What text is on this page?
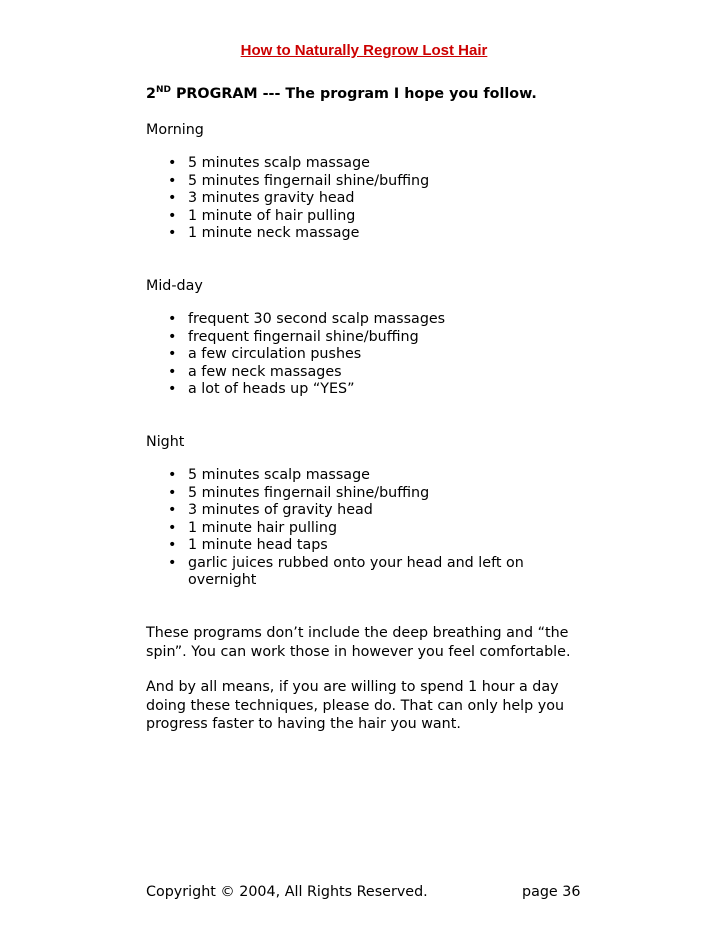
How to Naturally Regrow Lost Hair
2ND PROGRAM --- The program I hope you follow.
Morning
• 5 minutes scalp massage
• 5 minutes fingernail shine/buffing
• 3 minutes gravity head
• 1 minute of hair pulling
• 1 minute neck massage
Mid-day
• frequent 30 second scalp massages
• frequent fingernail shine/buffing
• a few circulation pushes
• a few neck massages
• a lot of heads up “YES”
Night
• 5 minutes scalp massage
• 5 minutes fingernail shine/buffing
• 3 minutes of gravity head
• 1 minute hair pulling
• 1 minute head taps
• garlic juices rubbed onto your head and left on overnight

These programs don’t include the deep breathing and “the spin”. You can work those in however you feel comfortable.

And by all means, if you are willing to spend 1 hour a day doing these techniques, please do. That can only help you progress faster to having the hair you want.

Copyright © 2004, All Rights Reserved.	page 36
